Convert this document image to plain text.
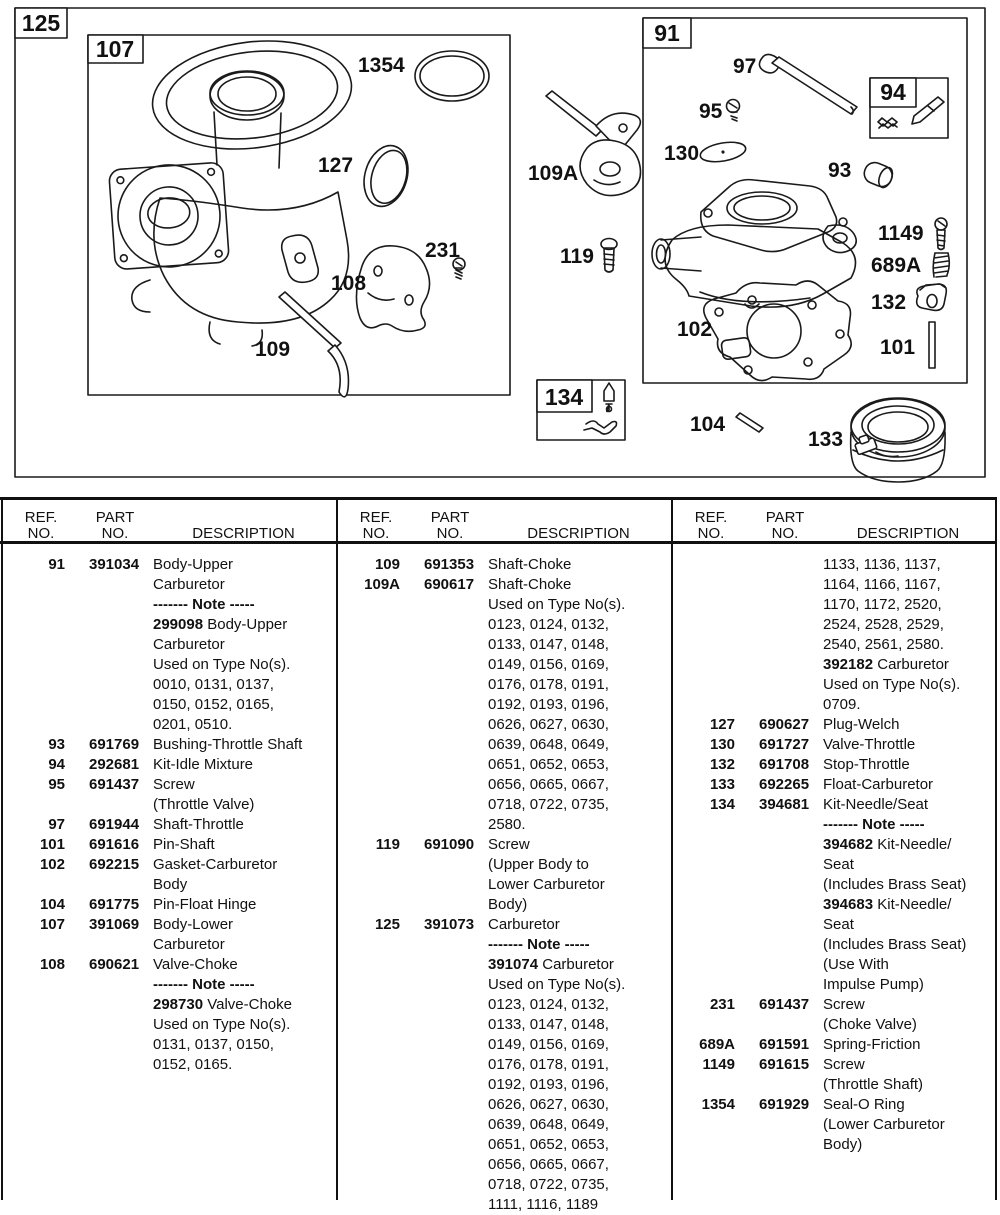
125
107
91
94
134
1354
127
231
108
109
109A
119
97
95
130
93
1149
689A
132
101
102
104
133
REF.
NO.
PART
NO.	DESCRIPTION
91	391034 Body-Upper
Carburetor
------- Note -----
299098 Body-Upper
Carburetor
Used on Type No(s).
0010, 0131, 0137,
0150, 0152, 0165,
0201, 0510.
93	691769 Bushing-Throttle Shaft
94	292681 Kit-Idle Mixture
95	691437 Screw
(Throttle Valve)
97	691944 Shaft-Throttle
101	691616 Pin-Shaft
102	692215 Gasket-Carburetor
Body
104	691775 Pin-Float Hinge
107	391069 Body-Lower
Carburetor
108	690621 Valve-Choke
------- Note -----
298730 Valve-Choke
Used on Type No(s).
0131, 0137, 0150,
0152, 0165.
REF.
NO.
PART
NO.	DESCRIPTION
109	691353 Shaft-Choke
109A	690617 Shaft-Choke
Used on Type No(s).
0123, 0124, 0132,
0133, 0147, 0148,
0149, 0156, 0169,
0176, 0178, 0191,
0192, 0193, 0196,
0626, 0627, 0630,
0639, 0648, 0649,
0651, 0652, 0653,
0656, 0665, 0667,
0718, 0722, 0735,
2580.
119	691090 Screw
(Upper Body to
Lower Carburetor
Body)
125	391073 Carburetor
------- Note -----
391074 Carburetor
Used on Type No(s).
0123, 0124, 0132,
0133, 0147, 0148,
0149, 0156, 0169,
0176, 0178, 0191,
0192, 0193, 0196,
0626, 0627, 0630,
0639, 0648, 0649,
0651, 0652, 0653,
0656, 0665, 0667,
0718, 0722, 0735,
1111, 1116, 1189
REF.
NO.
PART
NO.	DESCRIPTION
1133, 1136, 1137,
1164, 1166, 1167,
1170, 1172, 2520,
2524, 2528, 2529,
2540, 2561, 2580.
392182 Carburetor
Used on Type No(s).
0709.
127	690627 Plug-Welch
130	691727 Valve-Throttle
132	691708 Stop-Throttle
133	692265 Float-Carburetor
134	394681 Kit-Needle/Seat
------- Note -----
394682 Kit-Needle/
Seat
(Includes Brass Seat)
394683 Kit-Needle/
Seat
(Includes Brass Seat)
(Use With
Impulse Pump)
231	691437 Screw
(Choke Valve)
689A	691591 Spring-Friction
1149	691615 Screw
(Throttle Shaft)
1354	691929 Seal-O Ring
(Lower Carburetor
Body)
